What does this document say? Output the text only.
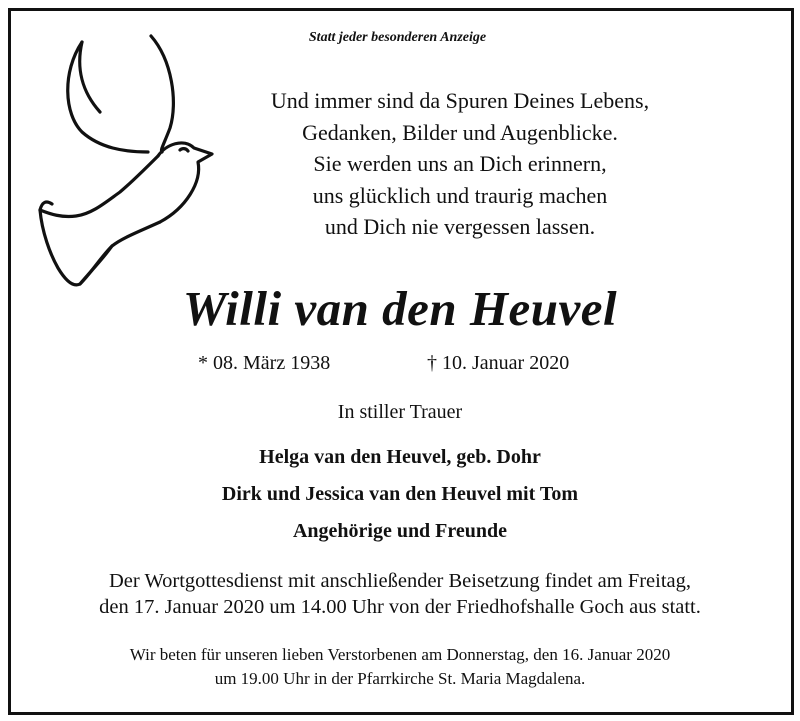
Statt jeder besonderen Anzeige
Und immer sind da Spuren Deines Lebens,
Gedanken, Bilder und Augenblicke.
Sie werden uns an Dich erinnern,
uns glücklich und traurig machen
und Dich nie vergessen lassen.
Willi van den Heuvel
* 08. März 1938	† 10. Januar 2020
In stiller Trauer
Helga van den Heuvel, geb. Dohr
Dirk und Jessica van den Heuvel mit Tom
Angehörige und Freunde
Der Wortgottesdienst mit anschließender Beisetzung findet am Freitag,
den 17. Januar 2020 um 14.00 Uhr von der Friedhofshalle Goch aus statt.
Wir beten für unseren lieben Verstorbenen am Donnerstag, den 16. Januar 2020
um 19.00 Uhr in der Pfarrkirche St. Maria Magdalena.
